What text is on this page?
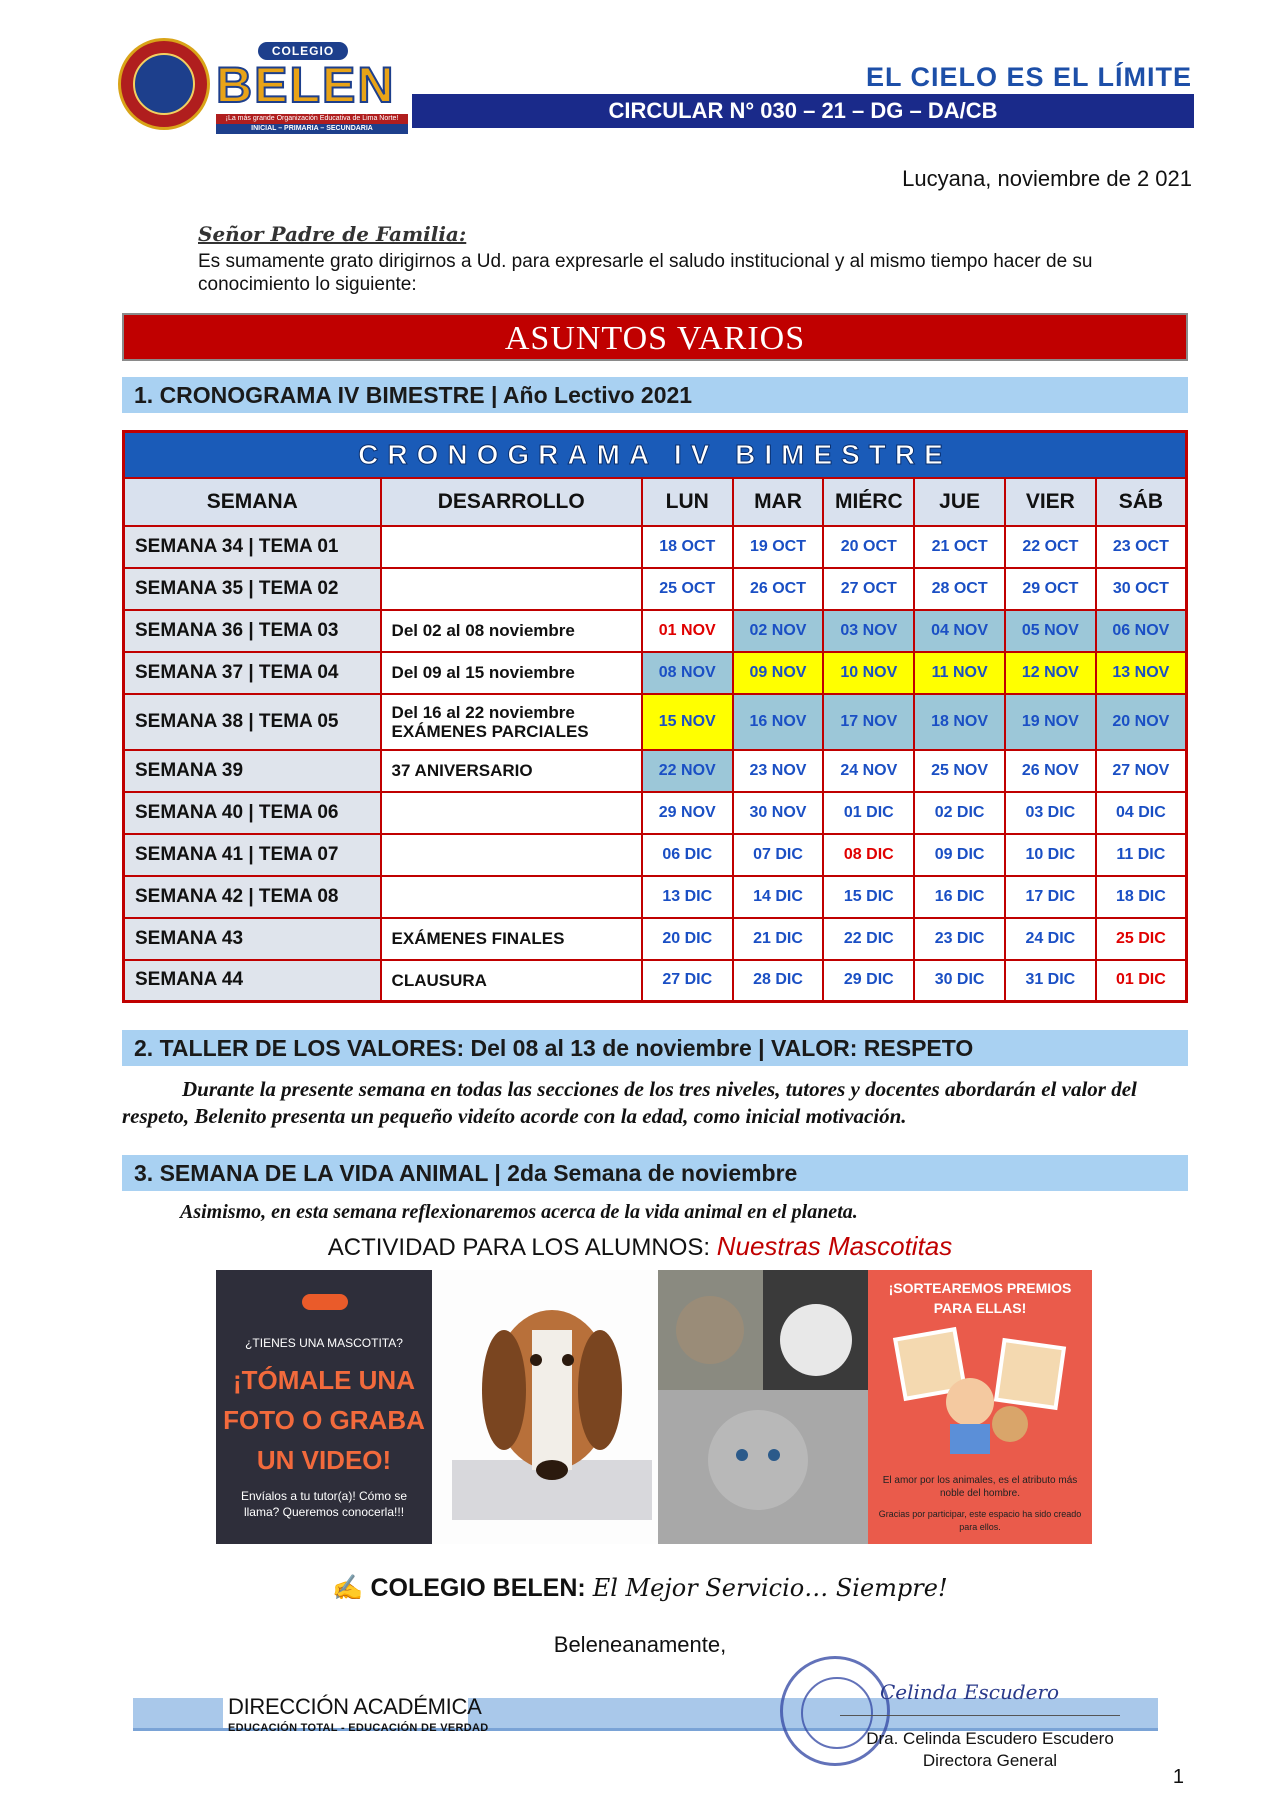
COLEGIO
BELEN
¡La más grande Organización Educativa de Lima Norte!
INICIAL – PRIMARIA – SECUNDARIA
EL CIELO ES EL LÍMITE
CIRCULAR N° 030 – 21 – DG – DA/CB
Lucyana, noviembre de 2 021
Señor Padre de Familia:
Es sumamente grato dirigirnos a Ud. para expresarle el saludo institucional y al mismo tiempo hacer de su conocimiento lo siguiente:
ASUNTOS VARIOS
1. CRONOGRAMA IV BIMESTRE | Año Lectivo 2021
CRONOGRAMA IV BIMESTRE							
SEMANA	DESARROLLO	LUN	MAR	MIÉRC	JUE	VIER	SÁB
SEMANA 34 | TEMA 01		18 OCT	19 OCT	20 OCT	21 OCT	22 OCT	23 OCT
SEMANA 35 | TEMA 02		25 OCT	26 OCT	27 OCT	28 OCT	29 OCT	30 OCT
SEMANA 36 | TEMA 03	Del 02 al 08 noviembre	01 NOV	02 NOV	03 NOV	04 NOV	05 NOV	06 NOV
SEMANA 37 | TEMA 04	Del 09 al 15 noviembre	08 NOV	09 NOV	10 NOV	11 NOV	12 NOV	13 NOV
SEMANA 38 | TEMA 05	Del 16 al 22 noviembre EXÁMENES PARCIALES	15 NOV	16 NOV	17 NOV	18 NOV	19 NOV	20 NOV
SEMANA 39	37 ANIVERSARIO	22 NOV	23 NOV	24 NOV	25 NOV	26 NOV	27 NOV
SEMANA 40 | TEMA 06		29 NOV	30 NOV	01 DIC	02 DIC	03 DIC	04 DIC
SEMANA 41 | TEMA 07		06 DIC	07 DIC	08 DIC	09 DIC	10 DIC	11 DIC
SEMANA 42 | TEMA 08		13 DIC	14 DIC	15 DIC	16 DIC	17 DIC	18 DIC
SEMANA 43	EXÁMENES FINALES	20 DIC	21 DIC	22 DIC	23 DIC	24 DIC	25 DIC
SEMANA 44	CLAUSURA	27 DIC	28 DIC	29 DIC	30 DIC	31 DIC	01 DIC
2. TALLER DE LOS VALORES: Del 08 al 13 de noviembre | VALOR: RESPETO
Durante la presente semana en todas las secciones de los tres niveles, tutores y docentes abordarán el valor del respeto, Belenito presenta un pequeño videíto acorde con la edad, como inicial motivación.
3. SEMANA DE LA VIDA ANIMAL | 2da Semana de noviembre
Asimismo, en esta semana reflexionaremos acerca de la vida animal en el planeta.
ACTIVIDAD PARA LOS ALUMNOS: Nuestras Mascotitas
¿TIENES UNA MASCOTITA?
¡TÓMALE UNA
FOTO O GRABA
UN VIDEO!
Envíalos a tu tutor(a)! Cómo se llama? Queremos conocerla!!!
¡SORTEAREMOS PREMIOS PARA ELLAS!
El amor por los animales, es el atributo más noble del hombre.
Gracias por participar, este espacio ha sido creado para ellos.
✍ COLEGIO BELEN: El Mejor Servicio… Siempre!
Beleneanamente,
DIRECCIÓN ACADÉMICA
EDUCACIÓN TOTAL - EDUCACIÓN DE VERDAD
Celinda Escudero
Dra. Celinda Escudero Escudero
Directora General
1
